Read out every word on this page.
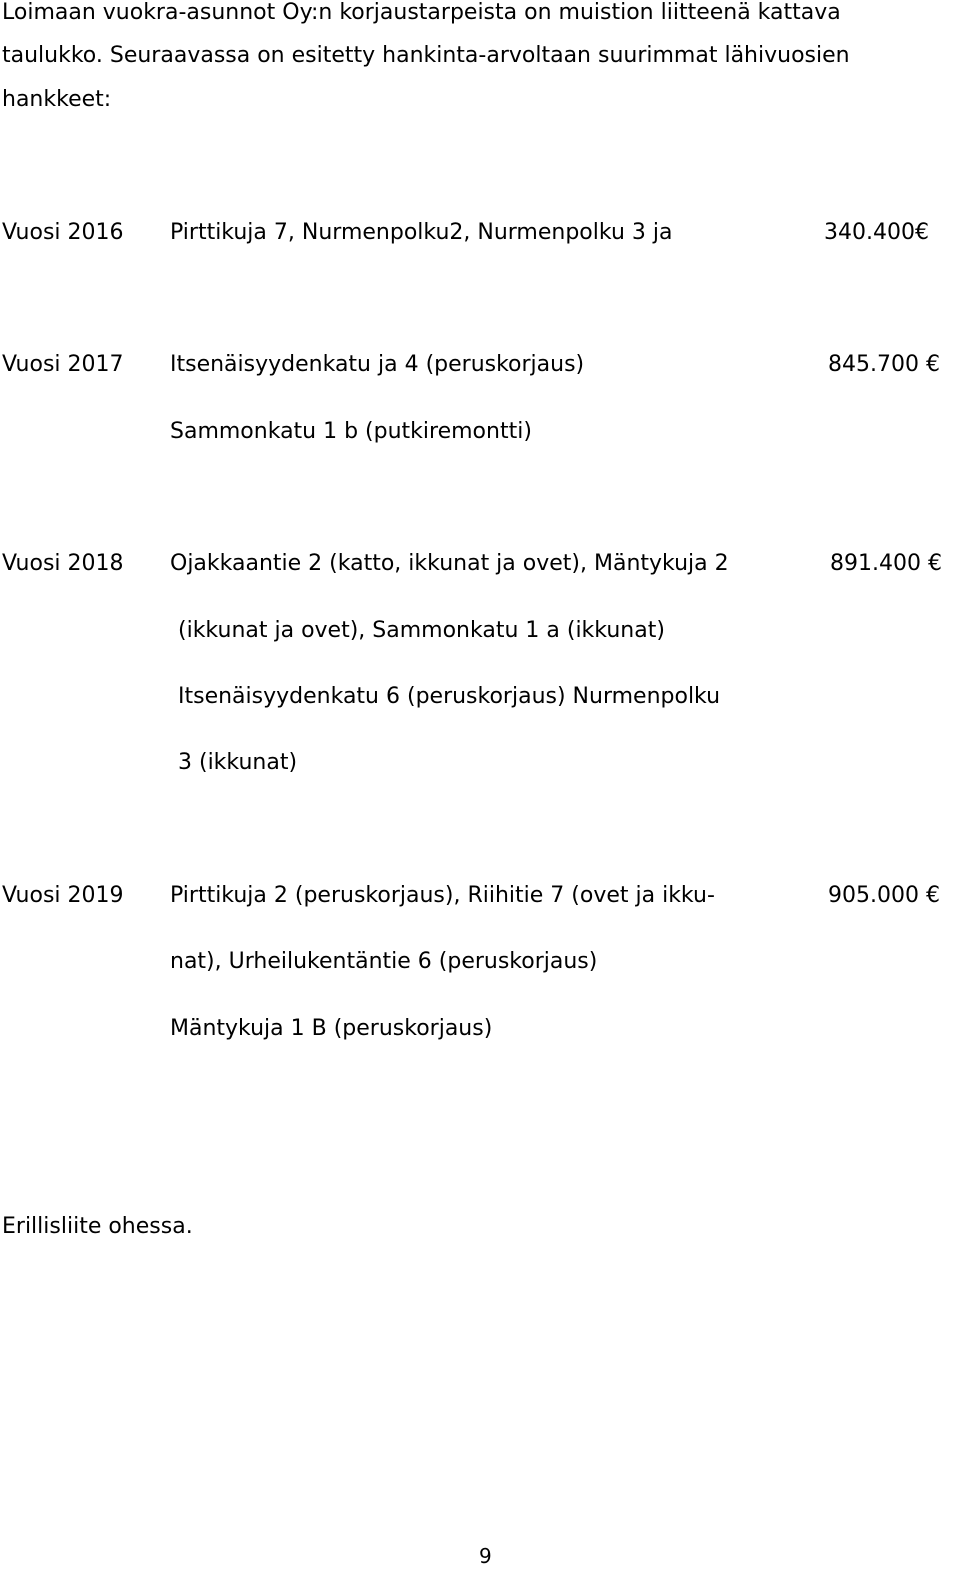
Loimaan vuokra-asunnot Oy:n korjaustarpeista on muistion liitteenä kattava
taulukko. Seuraavassa on esitetty hankinta-arvoltaan suurimmat lähivuosien
hankkeet:
Vuosi 2016 Pirttikuja 7, Nurmenpolku2, Nurmenpolku 3 ja	340.400€
Vuosi 2017 Itsenäisyydenkatu ja 4 (peruskorjaus)	845.700 €
Sammonkatu 1 b (putkiremontti)
Vuosi 2018 Ojakkaantie 2 (katto, ikkunat ja ovet), Mäntykuja 2	891.400 €
(ikkunat ja ovet), Sammonkatu 1 a (ikkunat)
Itsenäisyydenkatu 6 (peruskorjaus) Nurmenpolku
3 (ikkunat)
Vuosi 2019 Pirttikuja 2 (peruskorjaus), Riihitie 7 (ovet ja ikku-	905.000 €
nat), Urheilukentäntie 6 (peruskorjaus)
Mäntykuja 1 B (peruskorjaus)
Erillisliite ohessa.
9
